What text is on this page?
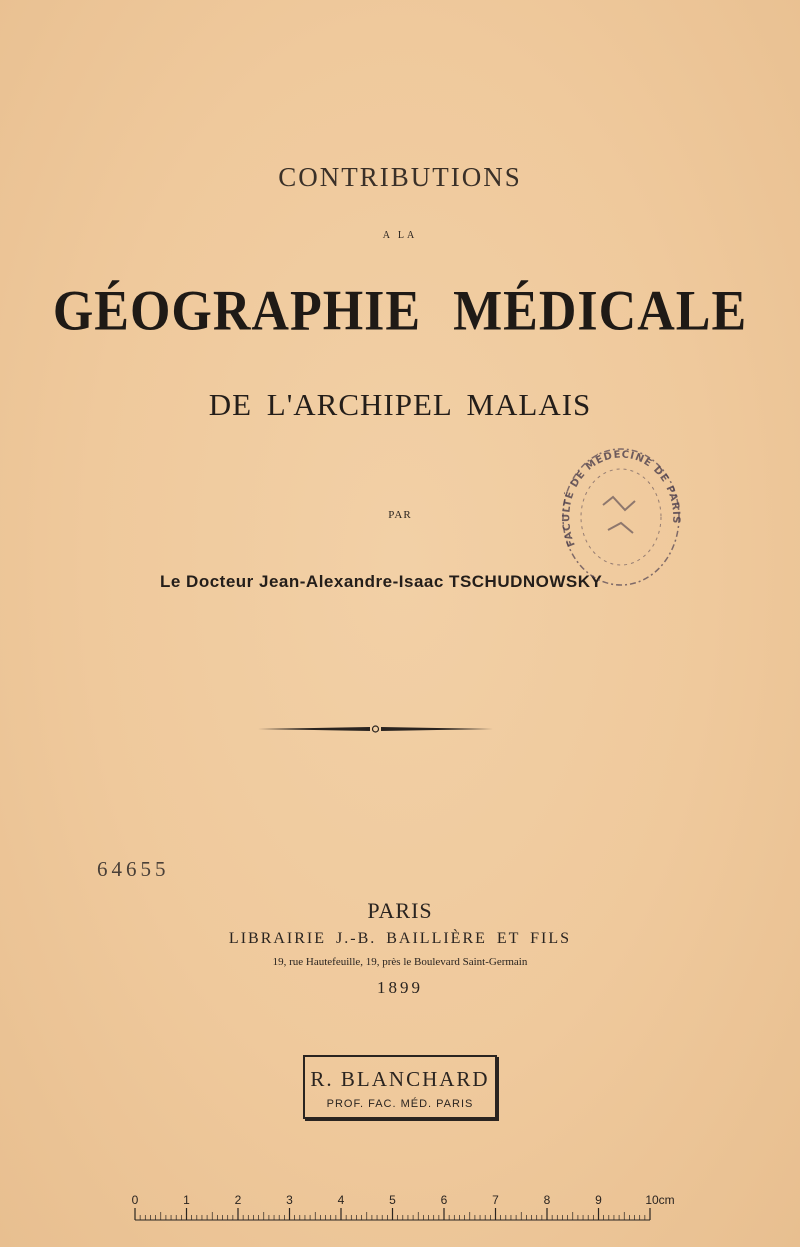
CONTRIBUTIONS
A LA
GÉOGRAPHIE MÉDICALE
DE L'ARCHIPEL MALAIS
PAR
Le Docteur Jean-Alexandre-Isaac TSCHUDNOWSKY
FACULTÉ DE MÉDECINE DE PARIS
64655
PARIS
LIBRAIRIE J.-B. BAILLIÈRE ET FILS
19, rue Hautefeuille, 19, près le Boulevard Saint-Germain
1899
R. BLANCHARD
PROF. FAC. MÉD. PARIS
0	1	2	3	4	5	6	7	8	9	10cm
